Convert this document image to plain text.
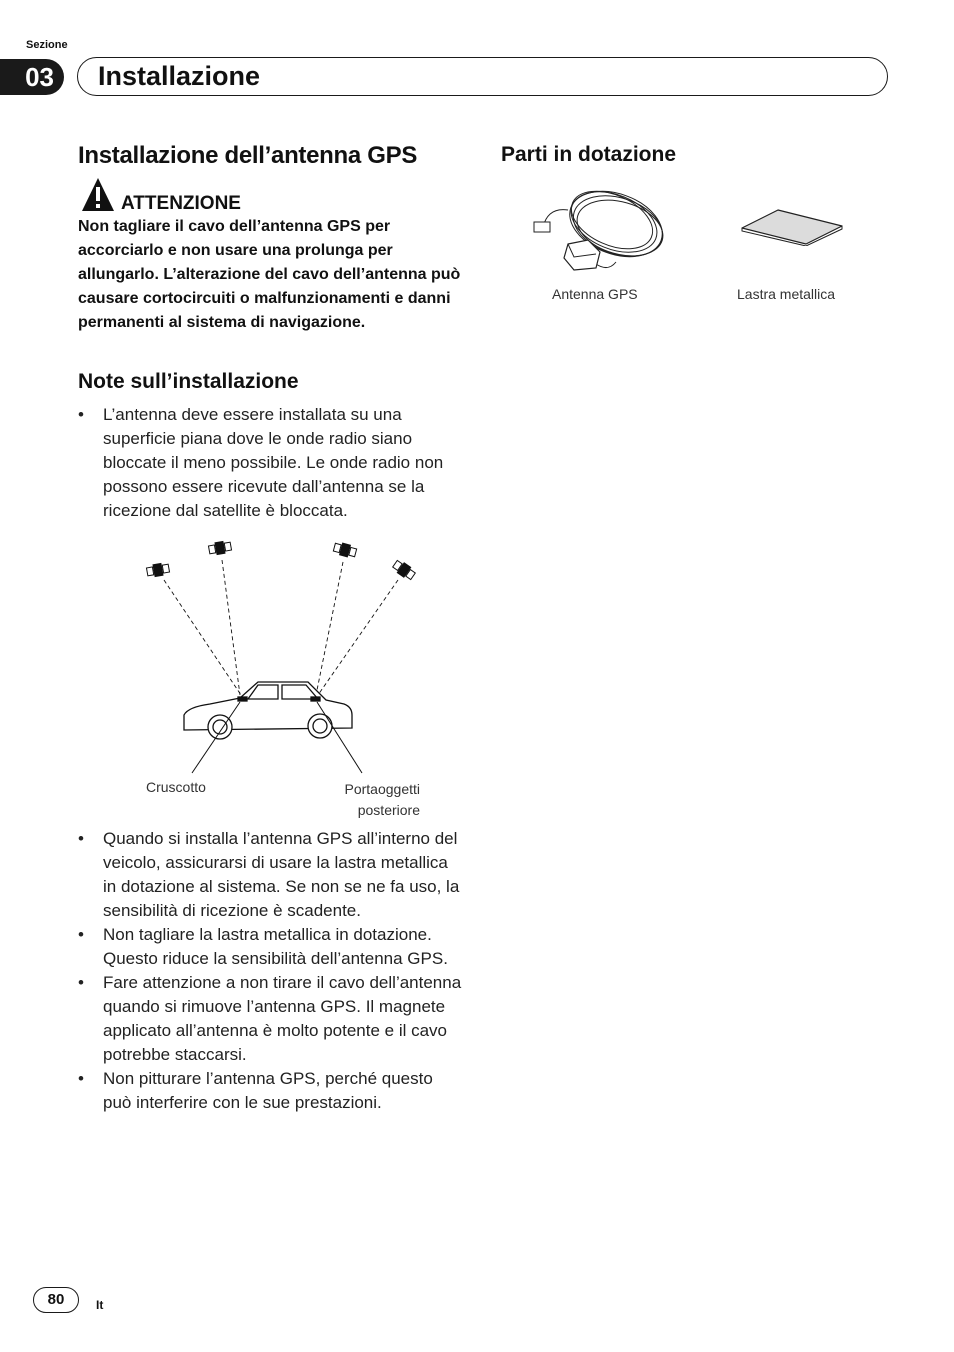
Sezione
03	Installazione
Installazione dell’antenna GPS
ATTENZIONE
Non tagliare il cavo dell’antenna GPS per accorciarlo e non usare una prolunga per allungarlo. L’alterazione del cavo dell’antenna può causare cortocircuiti o malfunzionamenti e danni permanenti al sistema di navigazione.
Note sull’installazione
• L’antenna deve essere installata su una superficie piana dove le onde radio siano bloccate il meno possibile. Le onde radio non possono essere ricevute dall’antenna se la ricezione dal satellite è bloccata.
Cruscotto	Portaoggetti posteriore
• Quando si installa l’antenna GPS all’interno del veicolo, assicurarsi di usare la lastra metallica in dotazione al sistema. Se non se ne fa uso, la sensibilità di ricezione è scadente.
• Non tagliare la lastra metallica in dotazione. Questo riduce la sensibilità dell’antenna GPS.
• Fare attenzione a non tirare il cavo dell’antenna quando si rimuove l’antenna GPS. Il magnete applicato all’antenna è molto potente e il cavo potrebbe staccarsi.
• Non pitturare l’antenna GPS, perché questo può interferire con le sue prestazioni.
Parti in dotazione
Antenna GPS	Lastra metallica
80	It
